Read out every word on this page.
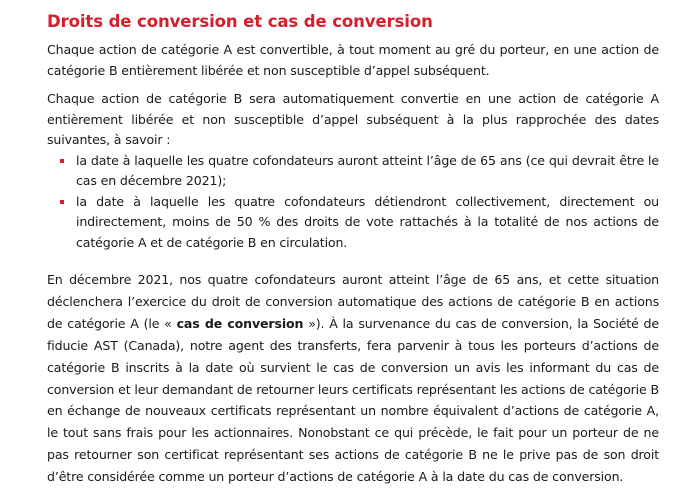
Droits de conversion et cas de conversion

Chaque action de catégorie A est convertible, à tout moment au gré du porteur, en une action de catégorie B entièrement libérée et non susceptible d’appel subséquent.

Chaque action de catégorie B sera automatiquement convertie en une action de catégorie A entièrement libérée et non susceptible d’appel subséquent à la plus rapprochée des dates suivantes, à savoir :

la date à laquelle les quatre cofondateurs auront atteint l’âge de 65 ans (ce qui devrait être le cas en décembre 2021);
la date à laquelle les quatre cofondateurs détiendront collectivement, directement ou indirectement, moins de 50 % des droits de vote rattachés à la totalité de nos actions de catégorie A et de catégorie B en circulation.

En décembre 2021, nos quatre cofondateurs auront atteint l’âge de 65 ans, et cette situation déclenchera l’exercice du droit de conversion automatique des actions de catégorie B en actions de catégorie A (le « cas de conversion »). À la survenance du cas de conversion, la Société de fiducie AST (Canada), notre agent des transferts, fera parvenir à tous les porteurs d’actions de catégorie B inscrits à la date où survient le cas de conversion un avis les informant du cas de conversion et leur demandant de retourner leurs certificats représentant les actions de catégorie B en échange de nouveaux certificats représentant un nombre équivalent d’actions de catégorie A, le tout sans frais pour les actionnaires. Nonobstant ce qui précède, le fait pour un porteur de ne pas retourner son certificat représentant ses actions de catégorie B ne le prive pas de son droit d’être considérée comme un porteur d’actions de catégorie A à la date du cas de conversion.
